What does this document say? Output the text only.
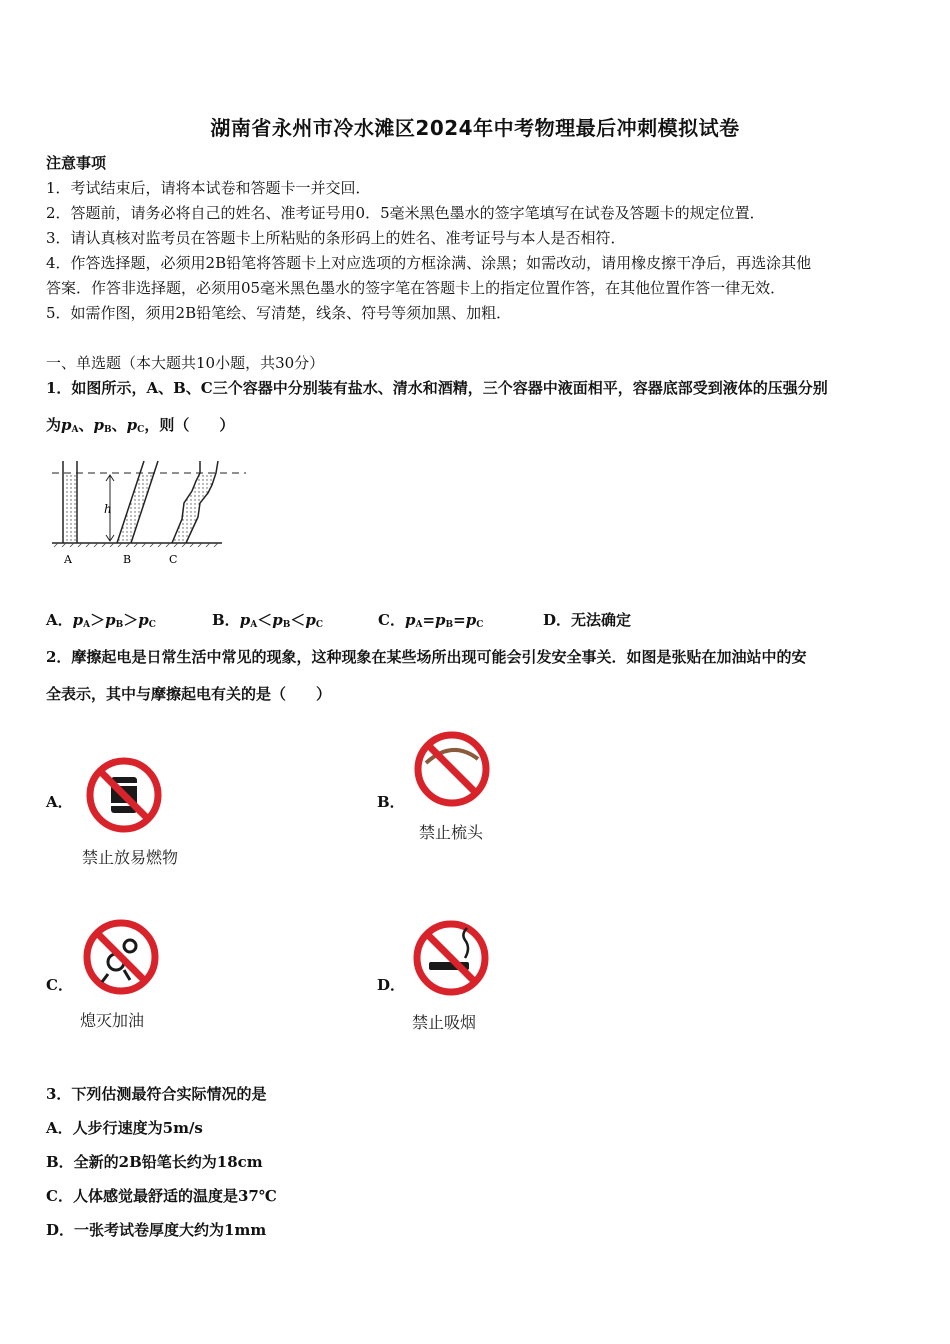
湖南省永州市冷水滩区2024年中考物理最后冲刺模拟试卷
注意事项
1．考试结束后，请将本试卷和答题卡一并交回．
2．答题前，请务必将自己的姓名、准考证号用0．5毫米黑色墨水的签字笔填写在试卷及答题卡的规定位置．
3．请认真核对监考员在答题卡上所粘贴的条形码上的姓名、准考证号与本人是否相符．
4．作答选择题，必须用2B铅笔将答题卡上对应选项的方框涂满、涂黑；如需改动，请用橡皮擦干净后，再选涂其他
答案．作答非选择题，必须用05毫米黑色墨水的签字笔在答题卡上的指定位置作答，在其他位置作答一律无效．
5．如需作图，须用2B铅笔绘、写清楚，线条、符号等须加黑、加粗．
一、单选题（本大题共10小题，共30分）
1．如图所示，A、B、C三个容器中分别装有盐水、清水和酒精，三个容器中液面相平，容器底部受到液体的压强分别
为$p_A$、$p_B$、$p_C$，则（　　）
h
A	B	C
A．$p_A>p_B>p_C$	B．$p_A<p_B<p_C$	C．$p_A=p_B=p_C$	D．无法确定
2．摩擦起电是日常生活中常见的现象，这种现象在某些场所出现可能会引发安全事关．如图是张贴在加油站中的安
全表示，其中与摩擦起电有关的是（　　）
A．
禁止放易燃物
B．
禁止梳头
C．
熄灭加油
D．
禁止吸烟
3．下列估测最符合实际情况的是
A．人步行速度为5m/s
B．全新的2B铅笔长约为18cm
C．人体感觉最舒适的温度是37℃
D．一张考试卷厚度大约为1mm
